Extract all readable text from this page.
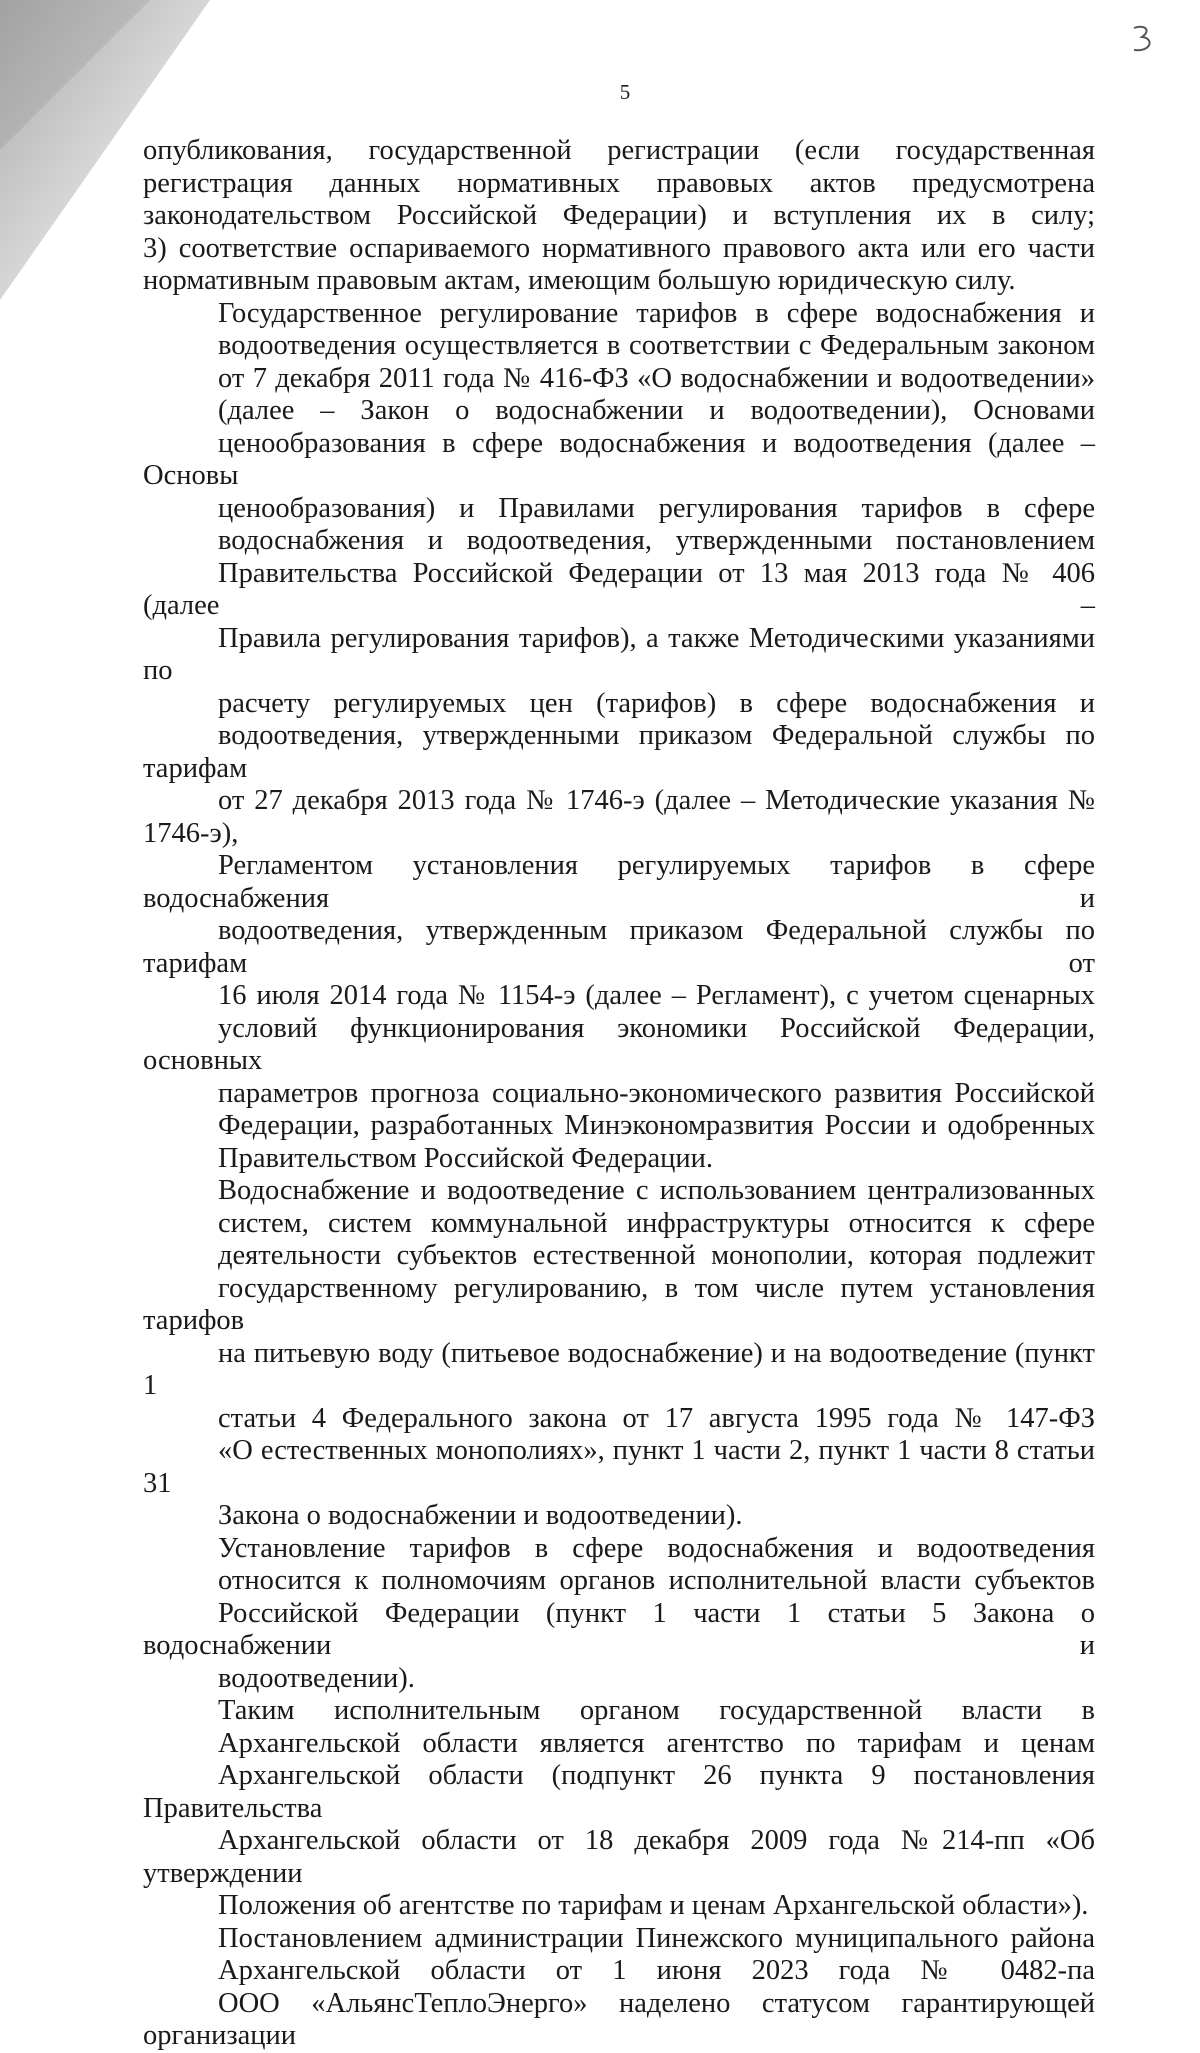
5
опубликования, государственной регистрации (если государственная
регистрация данных нормативных правовых актов предусмотрена
законодательством Российской Федерации) и вступления их в силу;
3) соответствие оспариваемого нормативного правового акта или его части
нормативным правовым актам, имеющим большую юридическую силу.
Государственное регулирование тарифов в сфере водоснабжения и
водоотведения осуществляется в соответствии с Федеральным законом
от 7 декабря 2011 года № 416-ФЗ «О водоснабжении и водоотведении»
(далее – Закон о водоснабжении и водоотведении), Основами
ценообразования в сфере водоснабжения и водоотведения (далее – Основы
ценообразования) и Правилами регулирования тарифов в сфере
водоснабжения и водоотведения, утвержденными постановлением
Правительства Российской Федерации от 13 мая 2013 года № 406 (далее –
Правила регулирования тарифов), а также Методическими указаниями по
расчету регулируемых цен (тарифов) в сфере водоснабжения и
водоотведения, утвержденными приказом Федеральной службы по тарифам
от 27 декабря 2013 года № 1746-э (далее – Методические указания № 1746-э),
Регламентом установления регулируемых тарифов в сфере водоснабжения и
водоотведения, утвержденным приказом Федеральной службы по тарифам от
16 июля 2014 года № 1154-э (далее – Регламент), с учетом сценарных
условий функционирования экономики Российской Федерации, основных
параметров прогноза социально-экономического развития Российской
Федерации, разработанных Минэкономразвития России и одобренных
Правительством Российской Федерации.
Водоснабжение и водоотведение с использованием централизованных
систем, систем коммунальной инфраструктуры относится к сфере
деятельности субъектов естественной монополии, которая подлежит
государственному регулированию, в том числе путем установления тарифов
на питьевую воду (питьевое водоснабжение) и на водоотведение (пункт 1
статьи 4 Федерального закона от 17 августа 1995 года № 147-ФЗ
«О естественных монополиях», пункт 1 части 2, пункт 1 части 8 статьи 31
Закона о водоснабжении и водоотведении).
Установление тарифов в сфере водоснабжения и водоотведения
относится к полномочиям органов исполнительной власти субъектов
Российской Федерации (пункт 1 части 1 статьи 5 Закона о водоснабжении и
водоотведении).
Таким исполнительным органом государственной власти в
Архангельской области является агентство по тарифам и ценам
Архангельской области (подпункт 26 пункта 9 постановления Правительства
Архангельской области от 18 декабря 2009 года №214-пп «Об утверждении
Положения об агентстве по тарифам и ценам Архангельской области»).
Постановлением администрации Пинежского муниципального района
Архангельской области от 1 июня 2023 года № 0482-па
ООО «АльянсТеплоЭнерго» наделено статусом гарантирующей организации
